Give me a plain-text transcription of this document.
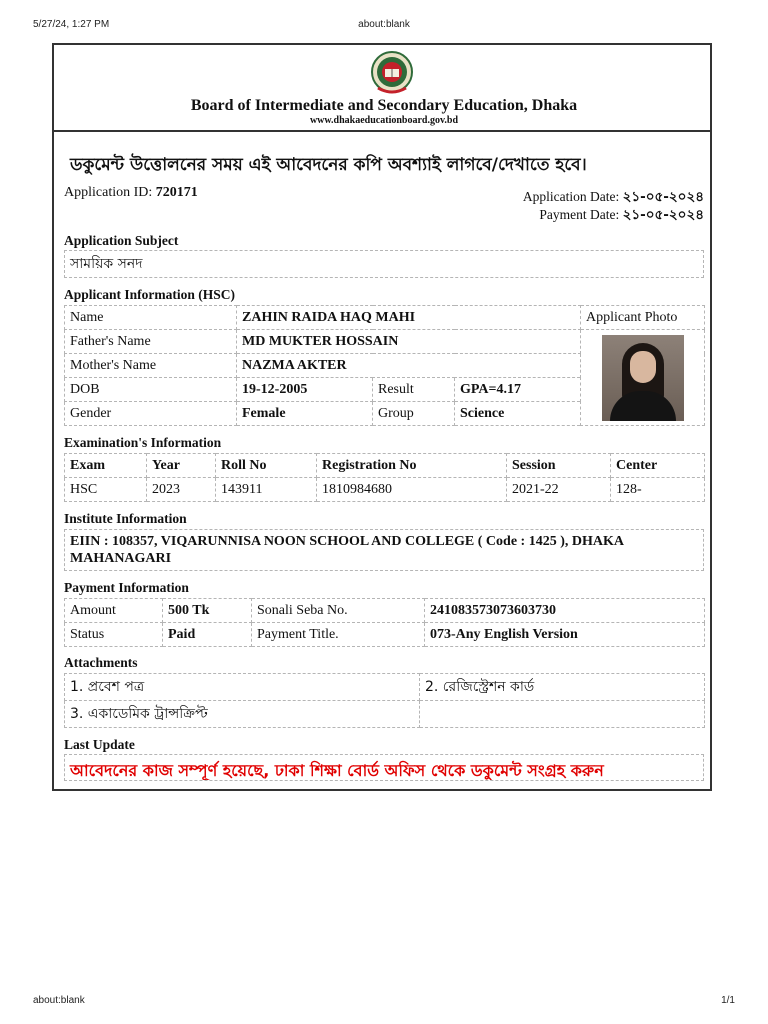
5/27/24, 1:27 PM	about:blank
Board of Intermediate and Secondary Education, Dhaka
www.dhakaeducationboard.gov.bd
ডকুমেন্ট উত্তোলনের সময় এই আবেদনের কপি অবশ্যাই লাগবে/দেখাতে হবে।
Application ID: 720171	Application Date: ২১-০৫-২০২৪
Payment Date: ২১-০৫-২০২৪
Application Subject
সাময়িক সনদ
Applicant Information (HSC)
Name	ZAHIN RAIDA HAQ MAHI			Applicant Photo
Father's Name	MD MUKTER HOSSAIN			

Mother's Name	NAZMA AKTER			
DOB	19-12-2005	Result	GPA=4.17	
Gender	Female	Group	Science	
Examination's Information
Exam	Year	Roll No	Registration No	Session	Center
HSC	2023	143911	1810984680	2021-22	128-
Institute Information
EIIN : 108357, VIQARUNNISA NOON SCHOOL AND COLLEGE ( Code : 1425 ), DHAKA MAHANAGARI
Payment Information
Amount	500 Tk	Sonali Seba No.	241083573073603730
Status	Paid	Payment Title.	073-Any English Version
Attachments
1. প্রবেশ পত্র	2. রেজিস্ট্রেশন কার্ড
3. একাডেমিক ট্রান্সক্রিপ্ট	
Last Update
আবেদনের কাজ সম্পূর্ণ হয়েছে, ঢাকা শিক্ষা বোর্ড অফিস থেকে ডকুমেন্ট সংগ্রহ করুন
about:blank	1/1
